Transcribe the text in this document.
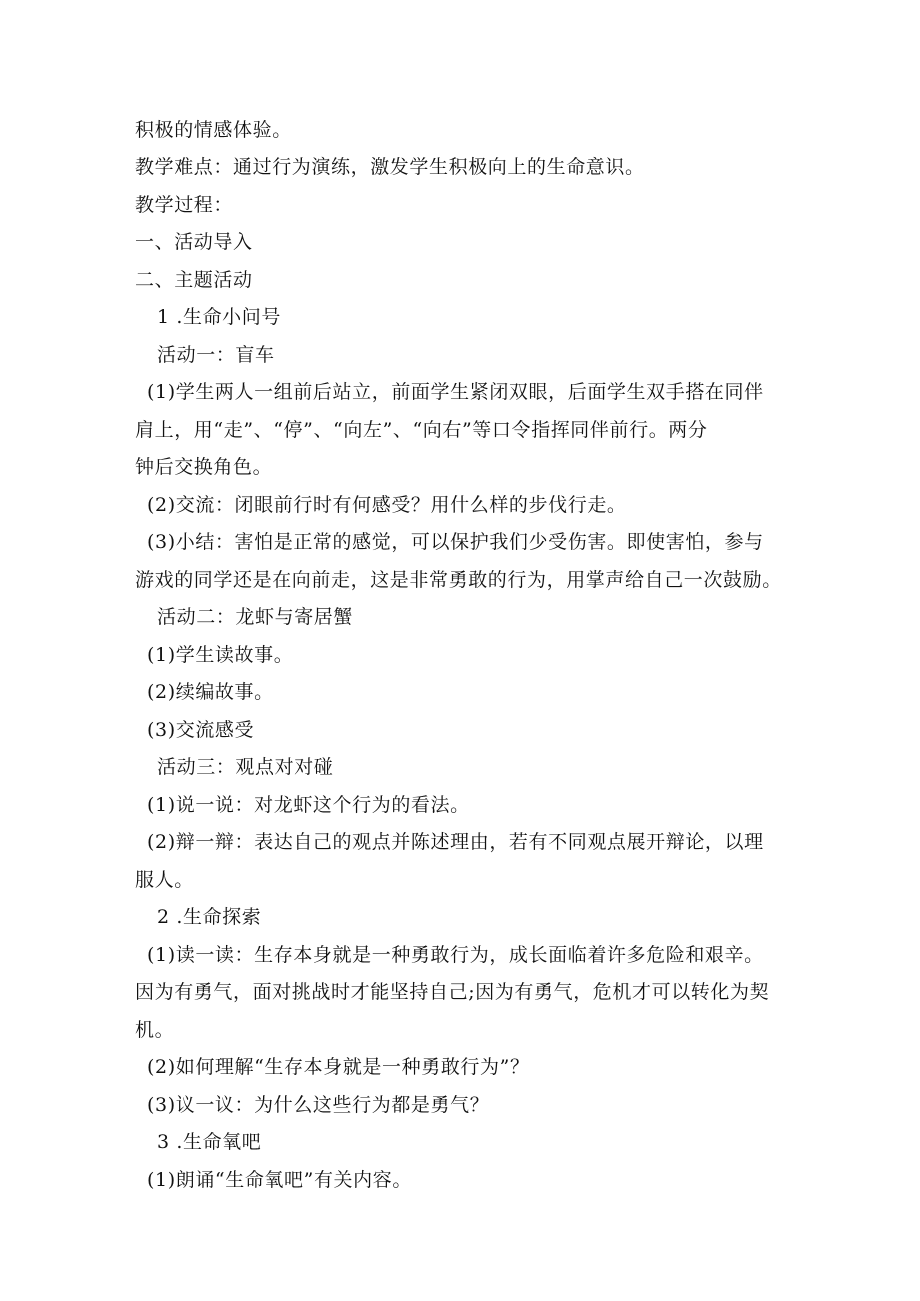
积极的情感体验。
教学难点：通过行为演练，激发学生积极向上的生命意识。
教学过程：
一、活动导入
二、主题活动
1 .生命小问号
活动一：盲车
(1)学生两人一组前后站立，前面学生紧闭双眼，后面学生双手搭在同伴
肩上，用“走”、“停”、“向左”、“向右”等口令指挥同伴前行。两分
钟后交换角色。
(2)交流：闭眼前行时有何感受？用什么样的步伐行走。
(3)小结：害怕是正常的感觉，可以保护我们少受伤害。即使害怕，参与
游戏的同学还是在向前走，这是非常勇敢的行为，用掌声给自己一次鼓励。
活动二：龙虾与寄居蟹
(1)学生读故事。
(2)续编故事。
(3)交流感受
活动三：观点对对碰
(1)说一说：对龙虾这个行为的看法。
(2)辩一辩：表达自己的观点并陈述理由，若有不同观点展开辩论，以理
服人。
2 .生命探索
(1)读一读：生存本身就是一种勇敢行为，成长面临着许多危险和艰辛。
因为有勇气，面对挑战时才能坚持自己;因为有勇气，危机才可以转化为契
机。
(2)如何理解“生存本身就是一种勇敢行为”？
(3)议一议：为什么这些行为都是勇气？
3 .生命氧吧
(1)朗诵“生命氧吧”有关内容。
